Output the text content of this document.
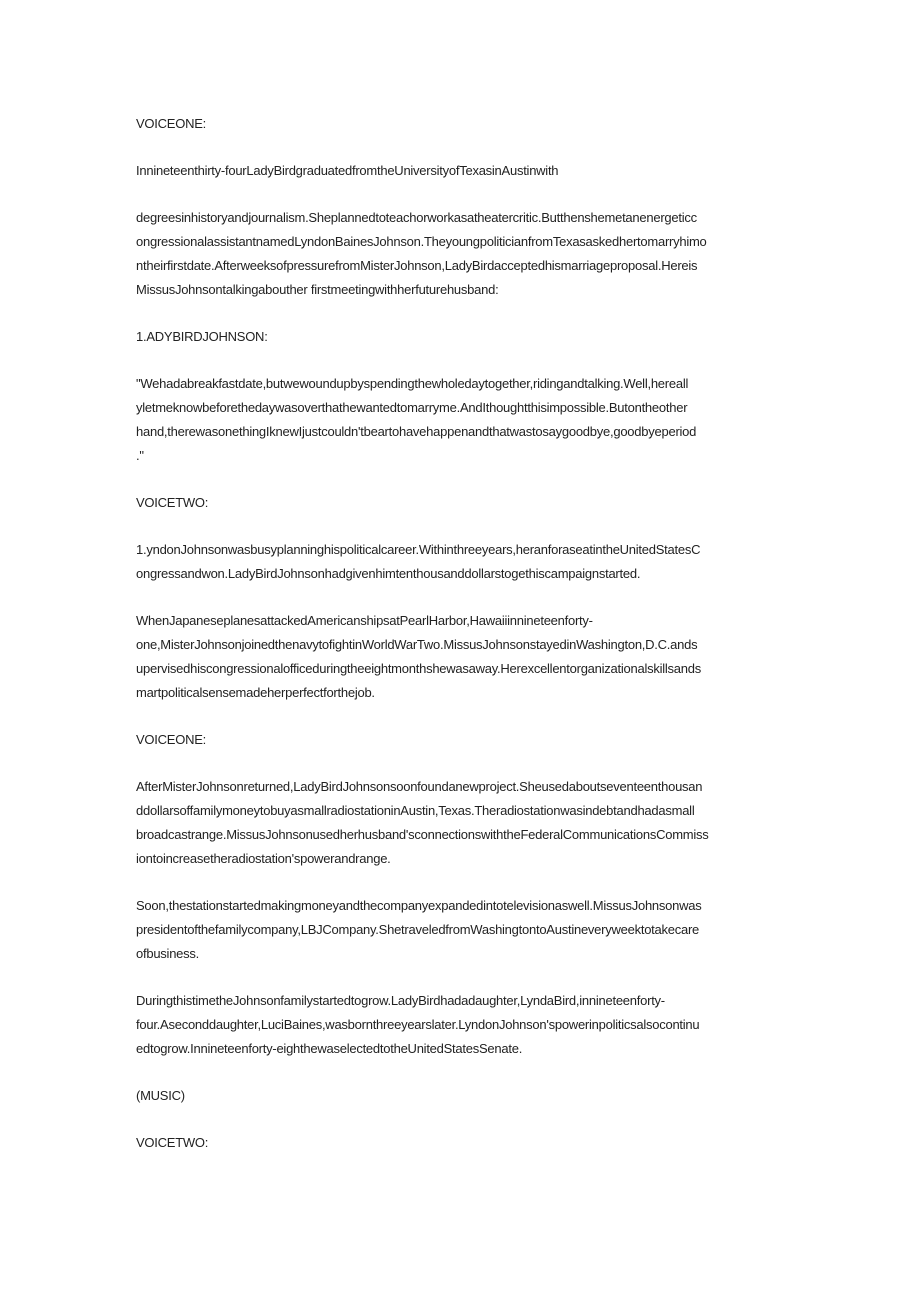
VOICEONE:
Innineteenthirty-fourLadyBirdgraduatedfromtheUniversityofTexasinAustinwith
degreesinhistoryandjournalism.Sheplannedtoteachorworkasatheatercritic.Butthenshemetanenergeticc
ongressionalassistantnamedLyndonBainesJohnson.TheyoungpoliticianfromTexasaskedhertomarryhimo
ntheirfirstdate.AfterweeksofpressurefromMisterJohnson,LadyBirdacceptedhismarriageproposal.Hereis
MissusJohnsontalkingabouther firstmeetingwithherfuturehusband:
1.ADYBIRDJOHNSON:
"Wehadabreakfastdate,butwewoundupbyspendingthewholedaytogether,ridingandtalking.Well,hereall
yletmeknowbeforethedaywasoverthathewantedtomarryme.AndIthoughtthisimpossible.Butontheother
hand,therewasonethingIknewIjustcouldn'tbeartohavehappenandthatwastosaygoodbye,goodbyeperiod
."
VOICETWO:
1.yndonJohnsonwasbusyplanninghispoliticalcareer.Withinthreeyears,heranforaseatintheUnitedStatesC
ongressandwon.LadyBirdJohnsonhadgivenhimtenthousanddollarstogethiscampaignstarted.
WhenJapaneseplanesattackedAmericanshipsatPearlHarbor,Hawaiiinnineteenforty-
one,MisterJohnsonjoinedthenavytofightinWorldWarTwo.MissusJohnsonstayedinWashington,D.C.ands
upervisedhiscongressionalofficeduringtheeightmonthshewasaway.Herexcellentorganizationalskillsands
martpoliticalsensemadeherperfectforthejob.
VOICEONE:
AfterMisterJohnsonreturned,LadyBirdJohnsonsoonfoundanewproject.Sheusedaboutseventeenthousan
ddollarsoffamilymoneytobuyasmallradiostationinAustin,Texas.Theradiostationwasindebtandhadasmall
broadcastrange.MissusJohnsonusedherhusband'sconnectionswiththeFederalCommunicationsCommiss
iontoincreasetheradiostation'spowerandrange.
Soon,thestationstartedmakingmoneyandthecompanyexpandedintotelevisionaswell.MissusJohnsonwas
presidentofthefamilycompany,LBJCompany.ShetraveledfromWashingtontoAustineveryweektotakecare
ofbusiness.
DuringthistimetheJohnsonfamilystartedtogrow.LadyBirdhadadaughter,LyndaBird,innineteenforty-
four.Aseconddaughter,LuciBaines,wasbornthreeyearslater.LyndonJohnson'spowerinpoliticsalsocontinu
edtogrow.Innineteenforty-eighthewaselectedtotheUnitedStatesSenate.
(MUSIC)
VOICETWO:
